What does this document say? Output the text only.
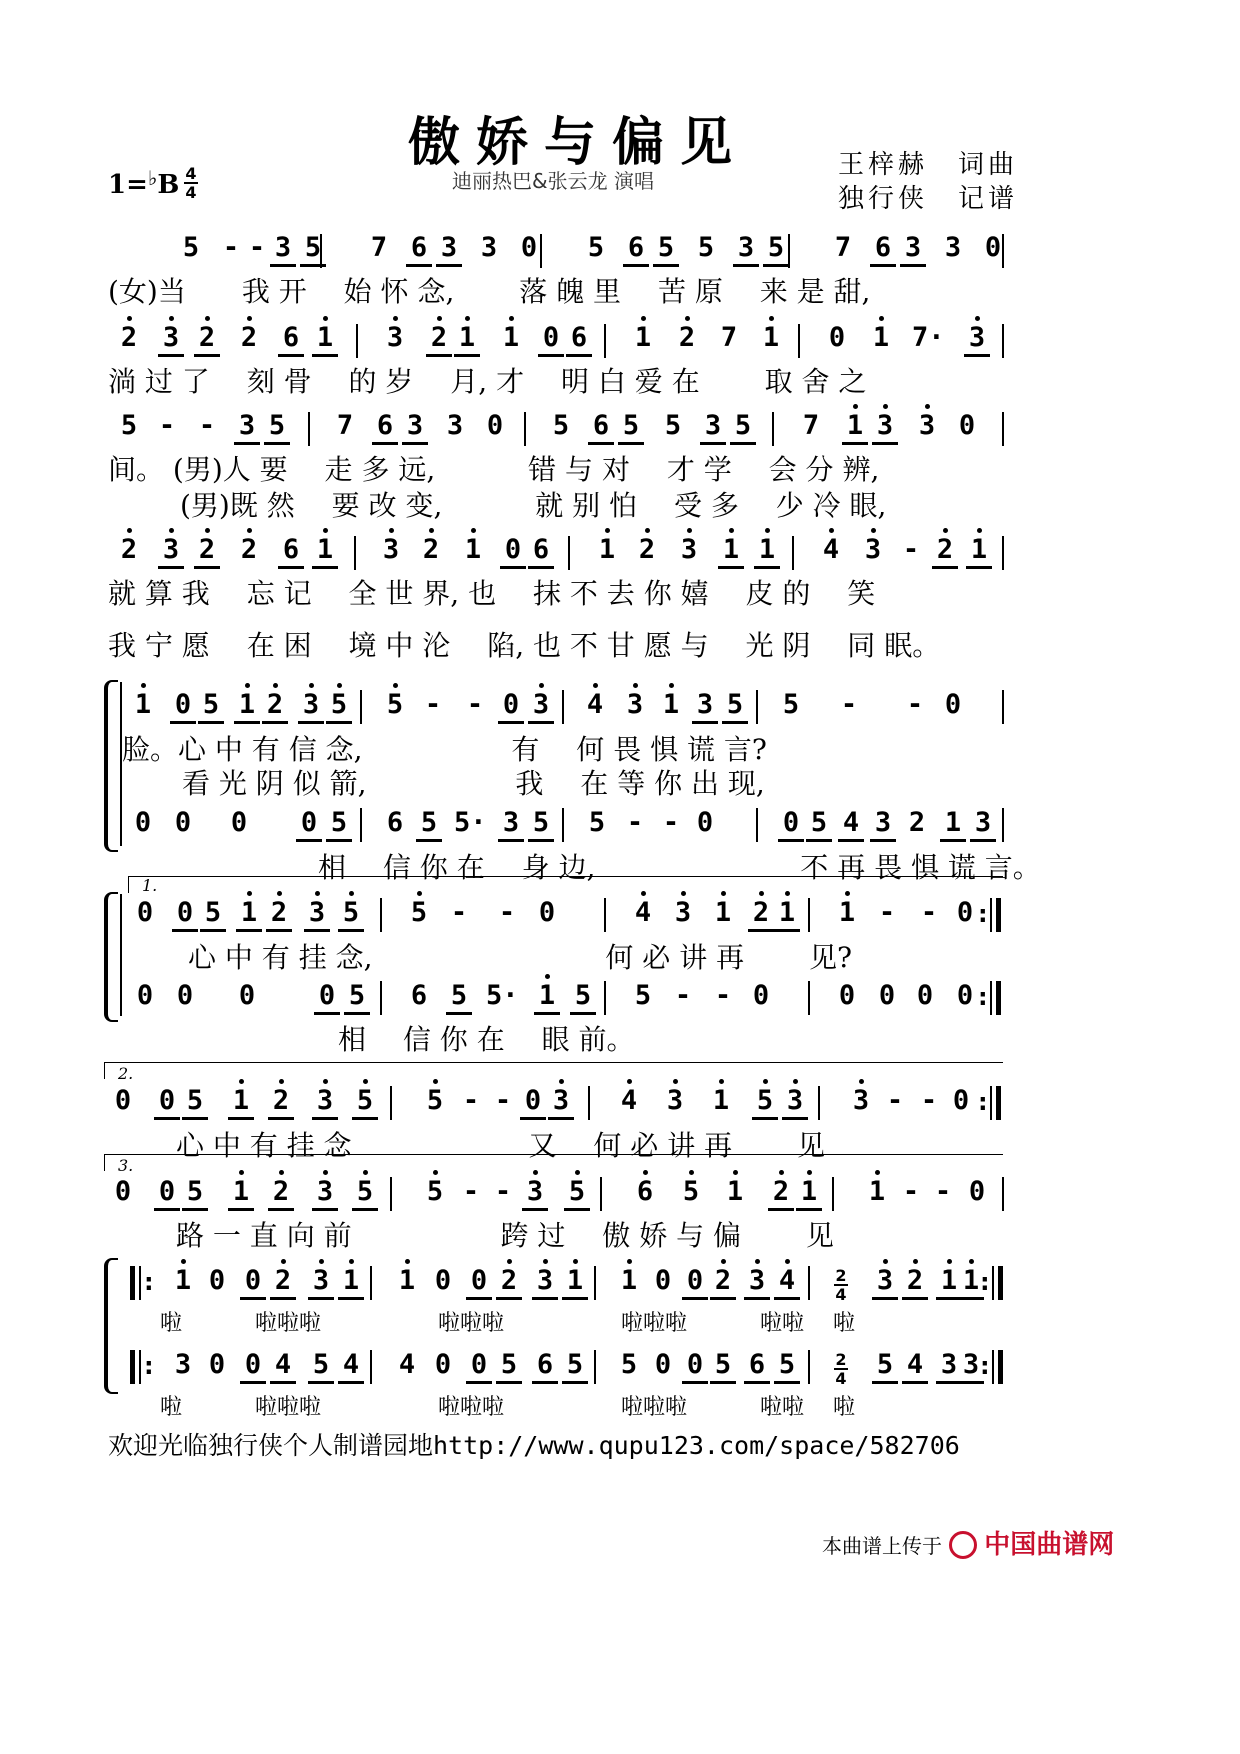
傲娇与偏见
迪丽热巴&张云龙 演唱
王梓赫　词曲
独行侠　记谱
1=♭B 4
4
5 - - 3 5 7 6 3 3 0 5 6 5 5 3 5 7 6 3 3 0
2 3 2 2 6 1 3 2 1 1 0 6 1 2 7 1 0 1 7· 3
5 - - 3 5 7 6 3 3 0 5 6 5 5 3 5 7 1 3 3 0
2 3 2 2 6 1 3 2 1 0 6 1 2 3 1 1 4 3 - 2 1
1 0 5 1 2 3 5 5 - - 0 3 4 3 1 3 5 5 - - 0
0 0 0 0 5 6 5 5· 3 5 5 - - 0	0 5 4 3 2 1 3
0 0 5 1 2 3 5 5 - - 0	4 3 1 2 1 1 - - 0
0 0 0 0 5 6 5 5· 1 5 5 - - 0	0 0 0 0
0 0 5 1 2 3 5 5 - - 0 3 4 3 1 5 3 3 - - 0
0 0 5 1 2 3 5 5 - - 3 5 6 5 1 2 1 1 - - 0
1 0 0 2 3 1 1 0 0 2 3 1 1 0 0 2 3 4	3 2 1 1
3 0 0 4 5 4 4 0 0 5 6 5 5 0 0 5 6 5	5 4 3 3
1.
:
:
2.
:
3.
:	2
4	:
:	2
4	:
(女)当　　我 开　 始 怀 念,　　 落 魄 里　 苦 原　 来 是 甜,
淌 过 了　 刻 骨　 的 岁　 月, 才　 明 白 爱 在　　 取 舍 之
间。 (男)人 要　 走 多 远,　　　 错 与 对　 才 学　 会 分 辨,
(男)既 然　 要 改 变,　　　 就 别 怕　 受 多　 少 冷 眼,
就 算 我　 忘 记　 全 世 界, 也　 抹 不 去 你 嬉　 皮 的　 笑
我 宁 愿　 在 困　 境 中 沦　 陷, 也 不 甘 愿 与　 光 阴　 同 眠。
脸。心 中 有 信 念,　　　　　 有　 何 畏 惧 谎 言?
看 光 阴 似 箭,　　　　　 我　 在 等 你 出 现,
相　 信 你 在　 身 边,　　　　　　　 不 再 畏 惧 谎 言。
心 中 有 挂 念,　　　　　　　　 何 必 讲 再　　 见?
相　 信 你 在　 眼 前。
心 中 有 挂 念　　　　　　 又　 何 必 讲 再　　 见
路 一 直 向 前　　　　　 跨 过　 傲 娇 与 偏　　 见
啦　　　 啦啦啦　　　　　 啦啦啦　　　　　 啦啦啦　　　 啦啦　 啦
啦　　　 啦啦啦　　　　　 啦啦啦　　　　　 啦啦啦　　　 啦啦　 啦
欢迎光临独行侠个人制谱园地http://www.qupu123.com/space/582706
本曲谱上传于 中国曲谱网
